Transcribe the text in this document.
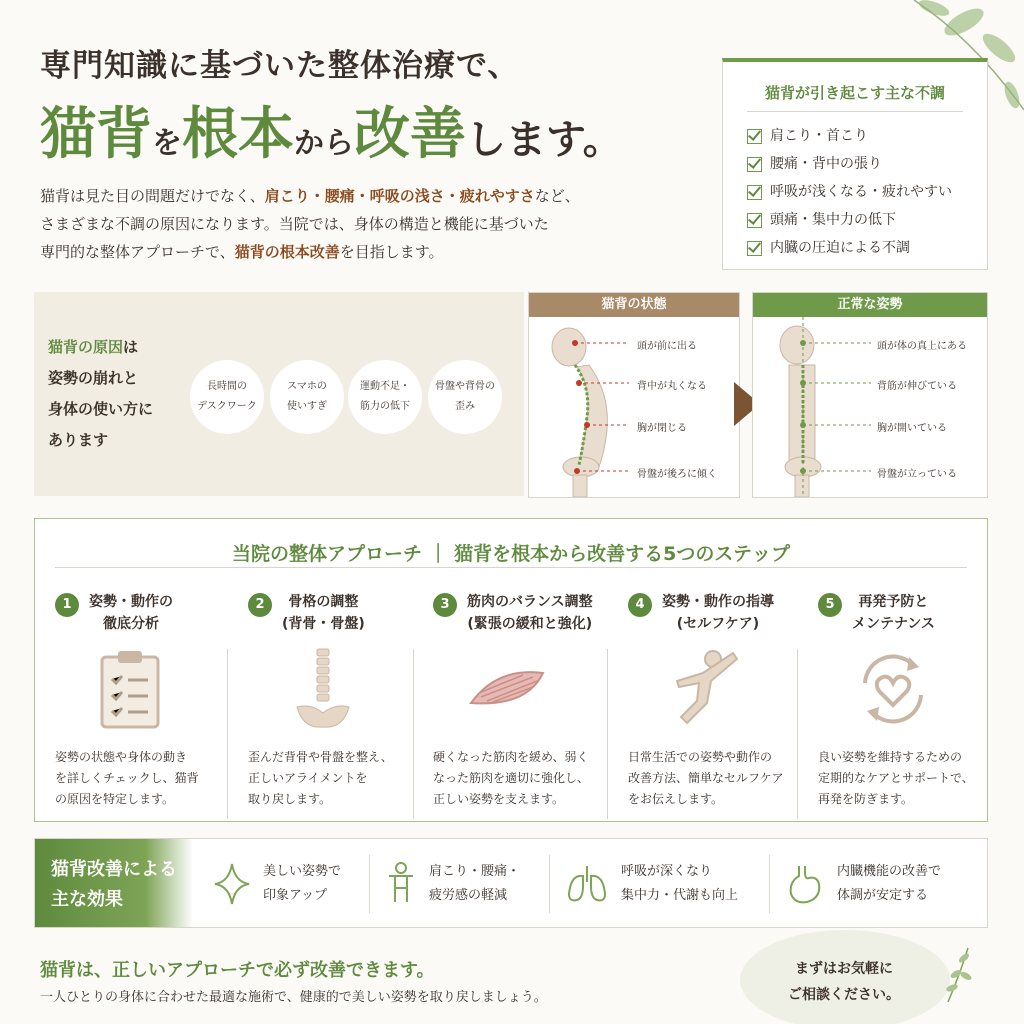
専門知識に基づいた整体治療で、
猫背を根本から改善します。
猫背は見た目の問題だけでなく、肩こり・腰痛・呼吸の浅さ・疲れやすさなど、
さまざまな不調の原因になります。当院では、身体の構造と機能に基づいた
専門的な整体アプローチで、猫背の根本改善を目指します。
猫背が引き起こす主な不調
肩こり・首こり
腰痛・背中の張り
呼吸が浅くなる・疲れやすい
頭痛・集中力の低下
内臓の圧迫による不調
猫背の原因は
姿勢の崩れと
身体の使い方に
あります
長時間の
デスクワーク
スマホの
使いすぎ
運動不足・
筋力の低下
骨盤や背骨の
歪み
猫背の状態
頭が前に出る
背中が丸くなる
胸が閉じる
骨盤が後ろに傾く
正常な姿勢
頭が体の真上にある
背筋が伸びている
胸が開いている
骨盤が立っている
当院の整体アプローチ ｜ 猫背を根本から改善する5つのステップ
1	姿勢・動作の
徹底分析
姿勢の状態や身体の動き
を詳しくチェックし、猫背
の原因を特定します。
2	骨格の調整
(背骨・骨盤)
歪んだ背骨や骨盤を整え、
正しいアライメントを
取り戻します。
3	筋肉のバランス調整
(緊張の緩和と強化)
硬くなった筋肉を緩め、弱く
なった筋肉を適切に強化し、
正しい姿勢を支えます。
4	姿勢・動作の指導
(セルフケア)
日常生活での姿勢や動作の
改善方法、簡単なセルフケア
をお伝えします。
5	再発予防と
メンテナンス
良い姿勢を維持するための
定期的なケアとサポートで、
再発を防ぎます。
猫背改善による
主な効果
美しい姿勢で
印象アップ
肩こり・腰痛・
疲労感の軽減
呼吸が深くなり
集中力・代謝も向上
内臓機能の改善で
体調が安定する
猫背は、正しいアプローチで必ず改善できます。
一人ひとりの身体に合わせた最適な施術で、健康的で美しい姿勢を取り戻しましょう。
まずはお気軽に
ご相談ください。
